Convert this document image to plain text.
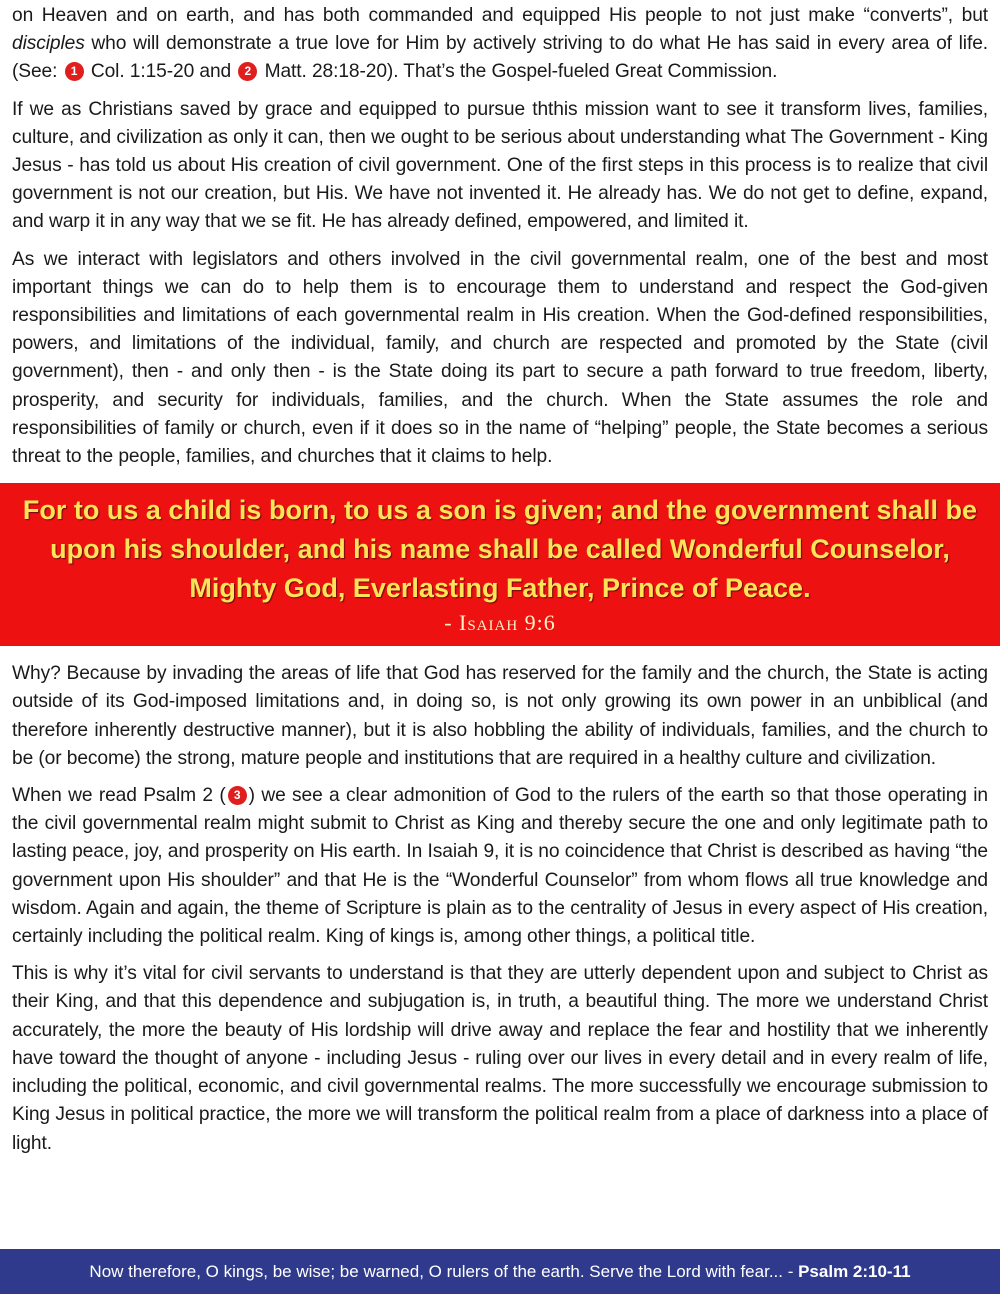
on Heaven and on earth, and has both commanded and equipped His people to not just make “converts”, but disciples who will demonstrate a true love for Him by actively striving to do what He has said in every area of life. (See: 1 Col. 1:15-20 and 2 Matt. 28:18-20). That’s the Gospel-fueled Great Commission.

If we as Christians saved by grace and equipped to pursue ththis mission want to see it transform lives, families, culture, and civilization as only it can, then we ought to be serious about understanding what The Government - King Jesus - has told us about His creation of civil government. One of the first steps in this process is to realize that civil government is not our creation, but His. We have not invented it. He already has. We do not get to define, expand, and warp it in any way that we se fit. He has already defined, empowered, and limited it.

As we interact with legislators and others involved in the civil governmental realm, one of the best and most important things we can do to help them is to encourage them to understand and respect the God-given responsibilities and limitations of each governmental realm in His creation. When the God-defined responsibilities, powers, and limitations of the individual, family, and church are respected and promoted by the State (civil government), then - and only then - is the State doing its part to secure a path forward to true freedom, liberty, prosperity, and security for individuals, families, and the church. When the State assumes the role and responsibilities of family or church, even if it does so in the name of “helping” people, the State becomes a serious threat to the people, families, and churches that it claims to help.

For to us a child is born, to us a son is given; and the government shall be upon his shoulder, and his name shall be called Wonderful Counselor, Mighty God, Everlasting Father, Prince of Peace.
- Isaiah 9:6

Why? Because by invading the areas of life that God has reserved for the family and the church, the State is acting outside of its God-imposed limitations and, in doing so, is not only growing its own power in an unbiblical (and therefore inherently destructive manner), but it is also hobbling the ability of individuals, families, and the church to be (or become) the strong, mature people and institutions that are required in a healthy culture and civilization.

When we read Psalm 2 ( 3 ) we see a clear admonition of God to the rulers of the earth so that those operating in the civil governmental realm might submit to Christ as King and thereby secure the one and only legitimate path to lasting peace, joy, and prosperity on His earth. In Isaiah 9, it is no coincidence that Christ is described as having “the government upon His shoulder” and that He is the “Wonderful Counselor” from whom flows all true knowledge and wisdom. Again and again, the theme of Scripture is plain as to the centrality of Jesus in every aspect of His creation, certainly including the political realm. King of kings is, among other things, a political title.

This is why it’s vital for civil servants to understand is that they are utterly dependent upon and subject to Christ as their King, and that this dependence and subjugation is, in truth, a beautiful thing. The more we understand Christ accurately, the more the beauty of His lordship will drive away and replace the fear and hostility that we inherently have toward the thought of anyone - including Jesus - ruling over our lives in every detail and in every realm of life, including the political, economic, and civil governmental realms. The more successfully we encourage submission to King Jesus in political practice, the more we will transform the political realm from a place of darkness into a place of light.

Now therefore, O kings, be wise; be warned, O rulers of the earth. Serve the Lord with fear... - Psalm 2:10-11
